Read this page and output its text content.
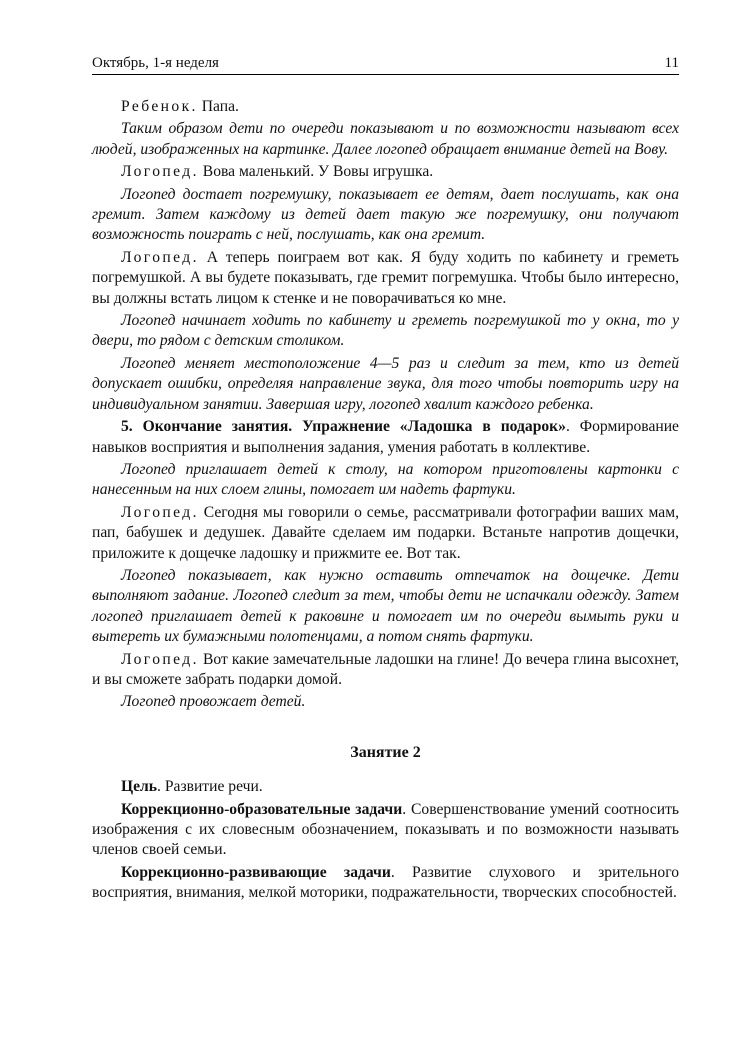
Октябрь, 1-я неделя	11

Ребенок. Папа.

Таким образом дети по очереди показывают и по возможности называют всех людей, изображенных на картинке. Далее логопед обращает внимание детей на Вову.

Логопед. Вова маленький. У Вовы игрушка.

Логопед достает погремушку, показывает ее детям, дает послушать, как она гремит. Затем каждому из детей дает такую же погремушку, они получают возможность поиграть с ней, послушать, как она гремит.

Логопед. А теперь поиграем вот как. Я буду ходить по кабинету и греметь погремушкой. А вы будете показывать, где гремит погремушка. Чтобы было интересно, вы должны встать лицом к стенке и не поворачиваться ко мне.

Логопед начинает ходить по кабинету и греметь погремушкой то у окна, то у двери, то рядом с детским столиком.

Логопед меняет местоположение 4—5 раз и следит за тем, кто из детей допускает ошибки, определяя направление звука, для того чтобы повторить игру на индивидуальном занятии. Завершая игру, логопед хвалит каждого ребенка.

5. Окончание занятия. Упражнение «Ладошка в подарок». Формирование навыков восприятия и выполнения задания, умения работать в коллективе.

Логопед приглашает детей к столу, на котором приготовлены картонки с нанесенным на них слоем глины, помогает им надеть фартуки.

Логопед. Сегодня мы говорили о семье, рассматривали фотографии ваших мам, пап, бабушек и дедушек. Давайте сделаем им подарки. Встаньте напротив дощечки, приложите к дощечке ладошку и прижмите ее. Вот так.

Логопед показывает, как нужно оставить отпечаток на дощечке. Дети выполняют задание. Логопед следит за тем, чтобы дети не испачкали одежду. Затем логопед приглашает детей к раковине и помогает им по очереди вымыть руки и вытереть их бумажными полотенцами, а потом снять фартуки.

Логопед. Вот какие замечательные ладошки на глине! До вечера глина высохнет, и вы сможете забрать подарки домой.

Логопед провожает детей.

Занятие 2

Цель. Развитие речи.

Коррекционно-образовательные задачи. Совершенствование умений соотносить изображения с их словесным обозначением, показывать и по возможности называть членов своей семьи.

Коррекционно-развивающие задачи. Развитие слухового и зрительного восприятия, внимания, мелкой моторики, подражательности, творческих способностей.
